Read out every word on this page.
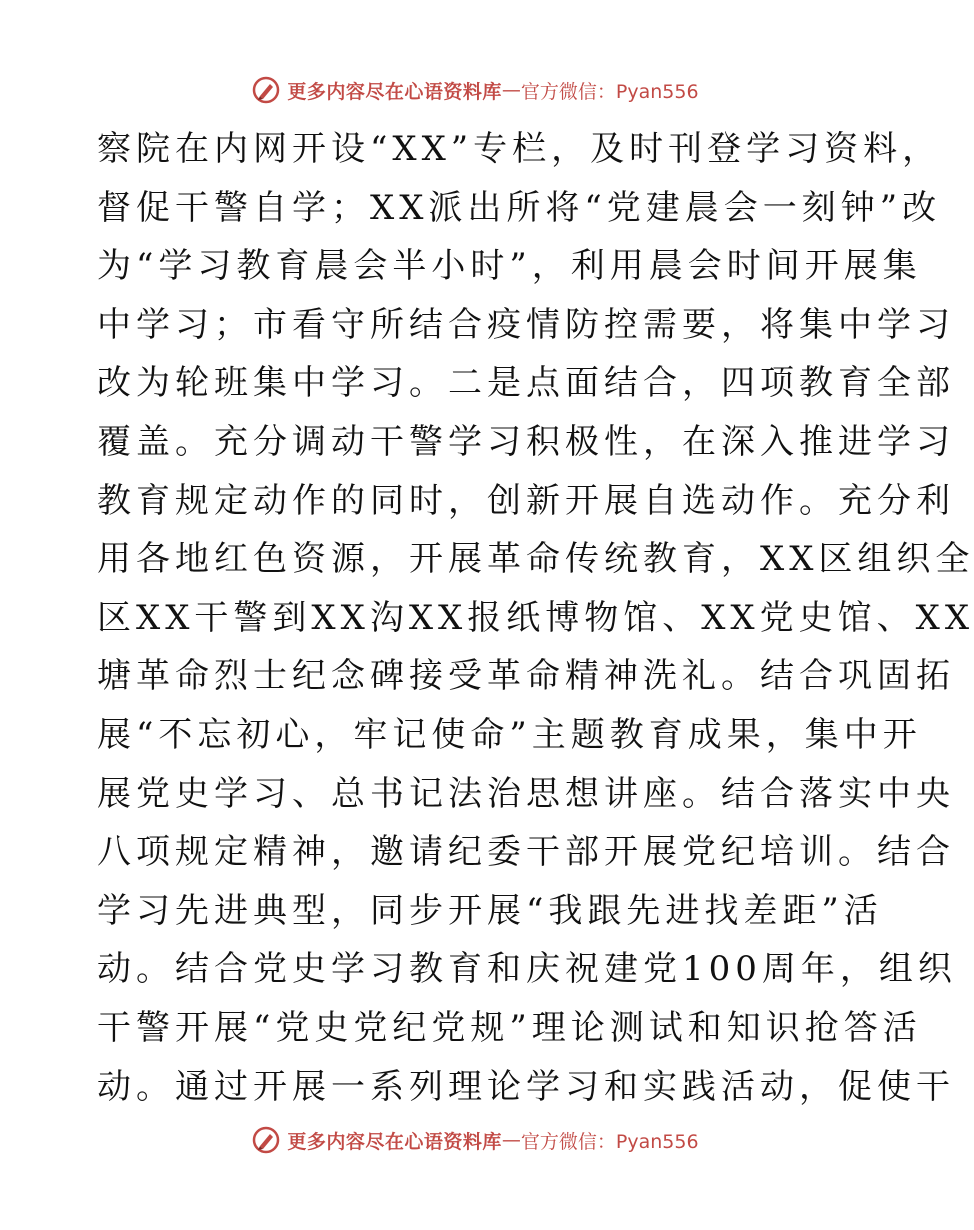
更多内容尽在心语资料库 — 官方微信：Pyan556
察院在内网开设“XX”专栏，及时刊登学习资料，
督促干警自学；XX派出所将“党建晨会一刻钟”改
为“学习教育晨会半小时”，利用晨会时间开展集
中学习；市看守所结合疫情防控需要，将集中学习
改为轮班集中学习。二是点面结合，四项教育全部
覆盖。充分调动干警学习积极性，在深入推进学习
教育规定动作的同时，创新开展自选动作。充分利
用各地红色资源，开展革命传统教育，XX区组织全
区XX干警到XX沟XX报纸博物馆、XX党史馆、XX
塘革命烈士纪念碑接受革命精神洗礼。结合巩固拓
展“不忘初心，牢记使命”主题教育成果，集中开
展党史学习、总书记法治思想讲座。结合落实中央
八项规定精神，邀请纪委干部开展党纪培训。结合
学习先进典型，同步开展“我跟先进找差距”活
动。结合党史学习教育和庆祝建党100周年，组织
干警开展“党史党纪党规”理论测试和知识抢答活
动。通过开展一系列理论学习和实践活动，促使干
更多内容尽在心语资料库 — 官方微信：Pyan556
